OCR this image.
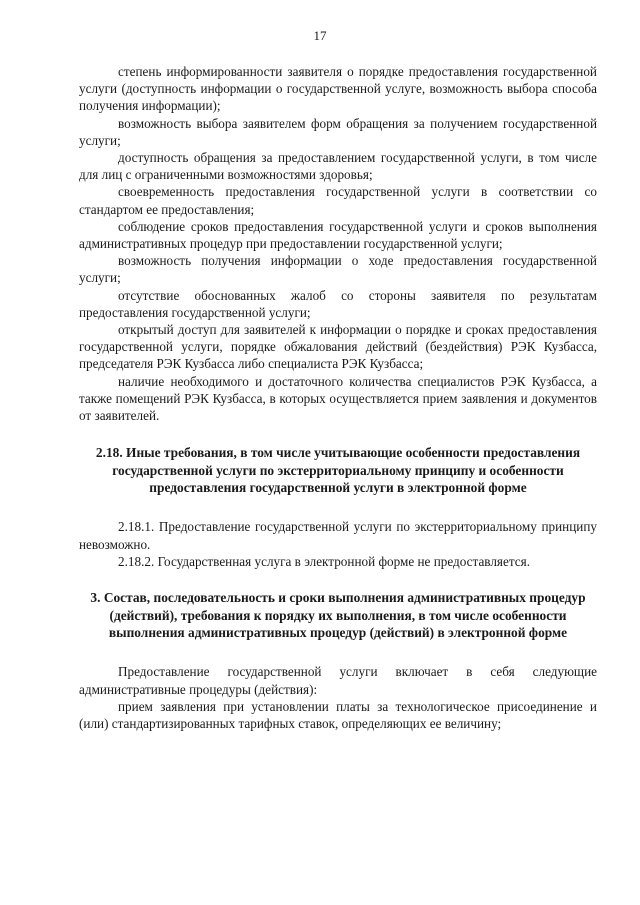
17

степень информированности заявителя о порядке предоставления государственной услуги (доступность информации о государственной услуге, возможность выбора способа получения информации);

возможность выбора заявителем форм обращения за получением государственной услуги;

доступность обращения за предоставлением государственной услуги, в том числе для лиц с ограниченными возможностями здоровья;

своевременность предоставления государственной услуги в соответствии со стандартом ее предоставления;

соблюдение сроков предоставления государственной услуги и сроков выполнения административных процедур при предоставлении государственной услуги;

возможность получения информации о ходе предоставления государственной услуги;

отсутствие обоснованных жалоб со стороны заявителя по результатам предоставления государственной услуги;

открытый доступ для заявителей к информации о порядке и сроках предоставления государственной услуги, порядке обжалования действий (бездействия) РЭК Кузбасса, председателя РЭК Кузбасса либо специалиста РЭК Кузбасса;

наличие необходимого и достаточного количества специалистов РЭК Кузбасса, а также помещений РЭК Кузбасса, в которых осуществляется прием заявления и документов от заявителей.

2.18. Иные требования, в том числе учитывающие особенности предоставления государственной услуги по экстерриториальному принципу и особенности предоставления государственной услуги в электронной форме

2.18.1. Предоставление государственной услуги по экстерриториальному принципу невозможно.

2.18.2. Государственная услуга в электронной форме не предоставляется.

3. Состав, последовательность и сроки выполнения административных процедур (действий), требования к порядку их выполнения, в том числе особенности выполнения административных процедур (действий) в электронной форме

Предоставление государственной услуги включает в себя следующие административные процедуры (действия):

прием заявления при установлении платы за технологическое присоединение и (или) стандартизированных тарифных ставок, определяющих ее величину;
